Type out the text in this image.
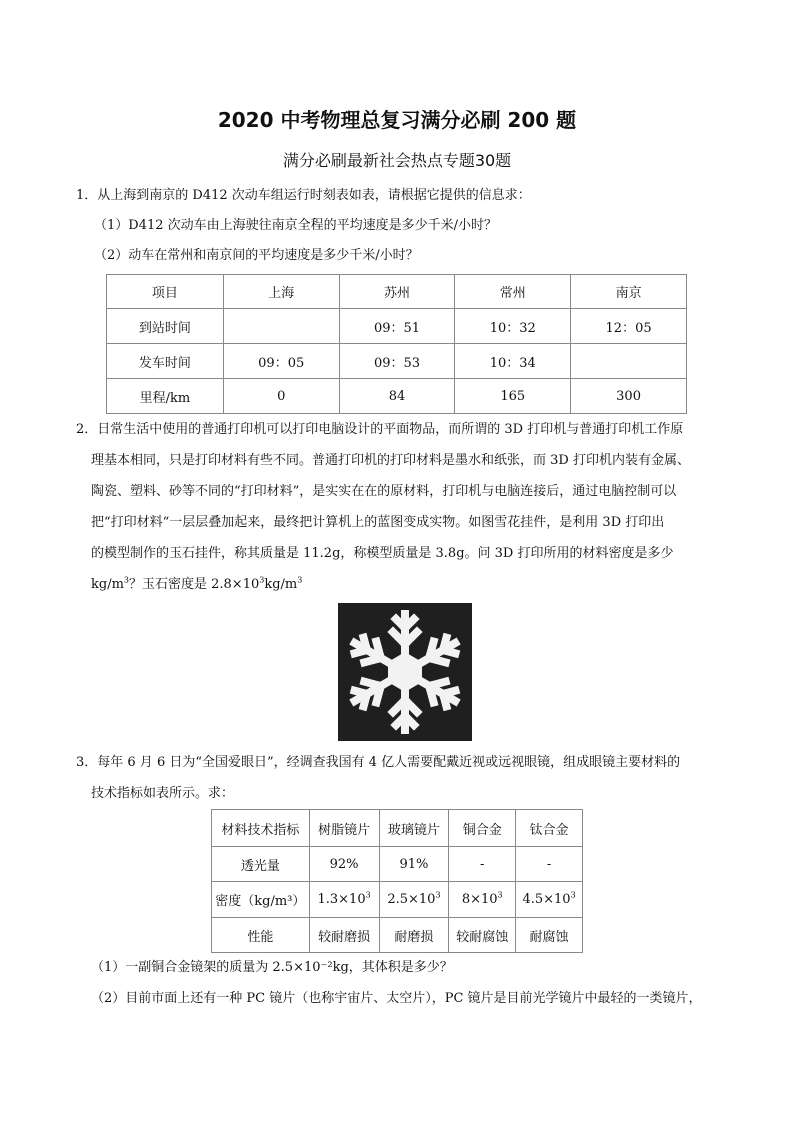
2020 中考物理总复习满分必刷 200 题
满分必刷最新社会热点专题30题
1．从上海到南京的 D412 次动车组运行时刻表如表，请根据它提供的信息求：
（1）D412 次动车由上海驶往南京全程的平均速度是多少千米/小时？
（2）动车在常州和南京间的平均速度是多少千米/小时？
项目	上海	苏州	常州	南京
到站时间		09：51	10：32	12：05
发车时间	09：05	09：53	10：34	
里程/km	0	84	165	300
2．日常生活中使用的普通打印机可以打印电脑设计的平面物品，而所谓的 3D 打印机与普通打印机工作原
理基本相同，只是打印材料有些不同。普通打印机的打印材料是墨水和纸张，而 3D 打印机内装有金属、
陶瓷、塑料、砂等不同的“打印材料”，是实实在在的原材料，打印机与电脑连接后，通过电脑控制可以
把“打印材料“一层层叠加起来，最终把计算机上的蓝图变成实物。如图雪花挂件，是利用 3D 打印出
的模型制作的玉石挂件，称其质量是 11.2g，称模型质量是 3.8g。问 3D 打印所用的材料密度是多少
$kg/m^3$？玉石密度是 $2.8\times 10^3kg/m^3$
3．每年 6 月 6 日为“全国爱眼日”，经调查我国有 4 亿人需要配戴近视或远视眼镜，组成眼镜主要材料的
技术指标如表所示。求：
材料技术指标	树脂镜片	玻璃镜片	铜合金	钛合金
透光量	92%	91%	-	-
密度（kg/m³）	$1.3\times 10^3$	$2.5\times 10^3$	$8\times 10^3$	$4.5\times 10^3$
性能	较耐磨损	耐磨损	较耐腐蚀	耐腐蚀
（1）一副铜合金镜架的质量为 2.5×10⁻²kg，其体积是多少？
（2）目前市面上还有一种 PC 镜片（也称宇宙片、太空片），PC 镜片是目前光学镜片中最轻的一类镜片，
